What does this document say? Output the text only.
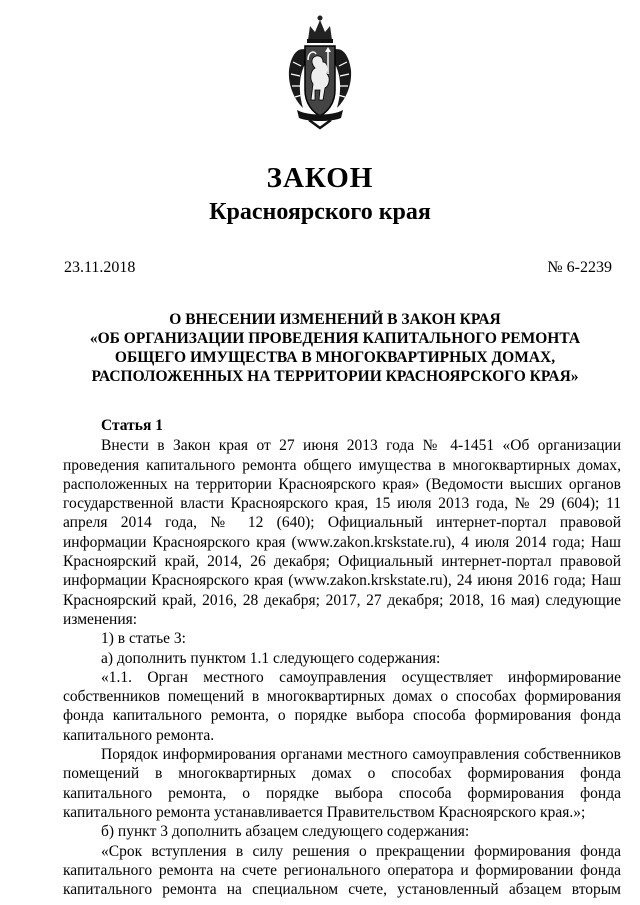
ЗАКОН
Красноярского края
23.11.2018	№ 6-2239
О ВНЕСЕНИИ ИЗМЕНЕНИЙ В ЗАКОН КРАЯ
«ОБ ОРГАНИЗАЦИИ ПРОВЕДЕНИЯ КАПИТАЛЬНОГО РЕМОНТА
ОБЩЕГО ИМУЩЕСТВА В МНОГОКВАРТИРНЫХ ДОМАХ,
РАСПОЛОЖЕННЫХ НА ТЕРРИТОРИИ КРАСНОЯРСКОГО КРАЯ»
Статья 1

Внести в Закон края от 27 июня 2013 года № 4-1451 «Об организации проведения капитального ремонта общего имущества в многоквартирных домах, расположенных на территории Красноярского края» (Ведомости высших органов государственной власти Красноярского края, 15 июля 2013 года, № 29 (604); 11 апреля 2014 года, № 12 (640); Официальный интернет-портал правовой информации Красноярского края (www.zakon.krskstate.ru), 4 июля 2014 года; Наш Красноярский край, 2014, 26 декабря; Официальный интернет-портал правовой информации Красноярского края (www.zakon.krskstate.ru), 24 июня 2016 года; Наш Красноярский край, 2016, 28 декабря; 2017, 27 декабря; 2018, 16 мая) следующие изменения:

1) в статье 3:

а) дополнить пунктом 1.1 следующего содержания:

«1.1. Орган местного самоуправления осуществляет информирование собственников помещений в многоквартирных домах о способах формирования фонда капитального ремонта, о порядке выбора способа формирования фонда капитального ремонта.

Порядок информирования органами местного самоуправления собственников помещений в многоквартирных домах о способах формирования фонда капитального ремонта, о порядке выбора способа формирования фонда капитального ремонта устанавливается Правительством Красноярского края.»;

б) пункт 3 дополнить абзацем следующего содержания:

«Срок вступления в силу решения о прекращении формирования фонда капитального ремонта на счете регионального оператора и формировании фонда капитального ремонта на специальном счете, установленный абзацем вторым
